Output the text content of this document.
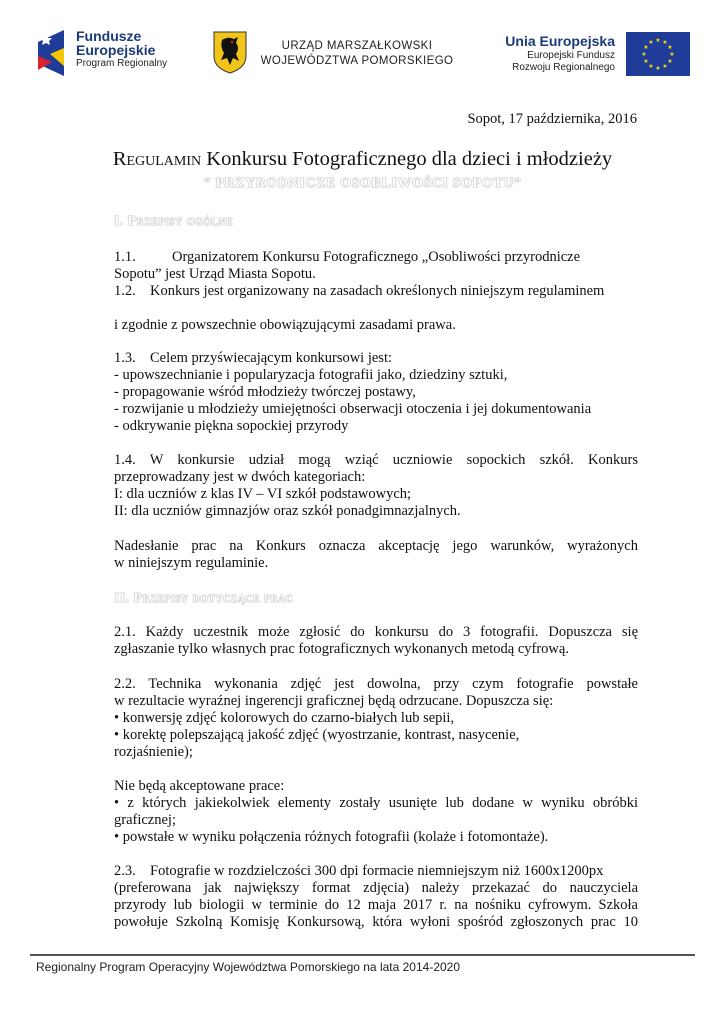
Fundusze
Europejskie
Program Regionalny
URZĄD MARSZAŁKOWSKI
WOJEWÓDZTWA POMORSKIEGO
Unia Europejska
Europejski Fundusz
Rozwoju Regionalnego
★ ★
★
★
★
★
★
★
★
★
★
★
Sopot, 17 października, 2016
Regulamin Konkursu Fotograficznego dla dzieci i młodzieży
“ PRZYRODNICZE OSOBLIWOŚCI SOPOTU”
I. Przepisy ogólne
1.1.	Organizatorem Konkursu Fotograficznego „Osobliwości przyrodnicze
Sopotu” jest Urząd Miasta Sopotu.
1.2. Konkurs jest organizowany na zasadach określonych niniejszym regulaminem
i zgodnie z powszechnie obowiązującymi zasadami prawa.
1.3. Celem przyświecającym konkursowi jest:
- upowszechnianie i popularyzacja fotografii jako, dziedziny sztuki,
- propagowanie wśród młodzieży twórczej postawy,
- rozwijanie u młodzieży umiejętności obserwacji otoczenia i jej dokumentowania
- odkrywanie piękna sopockiej przyrody
1.4. W konkursie udział mogą wziąć uczniowie sopockich szkół. Konkurs
przeprowadzany jest w dwóch kategoriach:
I: dla uczniów z klas IV – VI szkół podstawowych;
II: dla uczniów gimnazjów oraz szkół ponadgimnazjalnych.
Nadesłanie prac na Konkurs oznacza akceptację jego warunków, wyrażonych
w niniejszym regulaminie.
II. Przepisy dotyczące prac
2.1. Każdy uczestnik może zgłosić do konkursu do 3 fotografii. Dopuszcza się
zgłaszanie tylko własnych prac fotograficznych wykonanych metodą cyfrową.
2.2. Technika wykonania zdjęć jest dowolna, przy czym fotografie powstałe
w rezultacie wyraźnej ingerencji graficznej będą odrzucane. Dopuszcza się:
• konwersję zdjęć kolorowych do czarno-białych lub sepii,
• korektę polepszającą jakość zdjęć (wyostrzanie, kontrast, nasycenie,
rozjaśnienie);
Nie będą akceptowane prace:
• z których jakiekolwiek elementy zostały usunięte lub dodane w wyniku obróbki
graficznej;
• powstałe w wyniku połączenia różnych fotografii (kolaże i fotomontaże).
2.3. Fotografie w rozdzielczości 300 dpi formacie niemniejszym niż 1600x1200px
(preferowana jak największy format zdjęcia) należy przekazać do nauczyciela
przyrody lub biologii w terminie do 12 maja 2017 r. na nośniku cyfrowym. Szkoła
powołuje Szkolną Komisję Konkursową, która wyłoni spośród zgłoszonych prac 10
Regionalny Program Operacyjny Województwa Pomorskiego na lata 2014-2020
